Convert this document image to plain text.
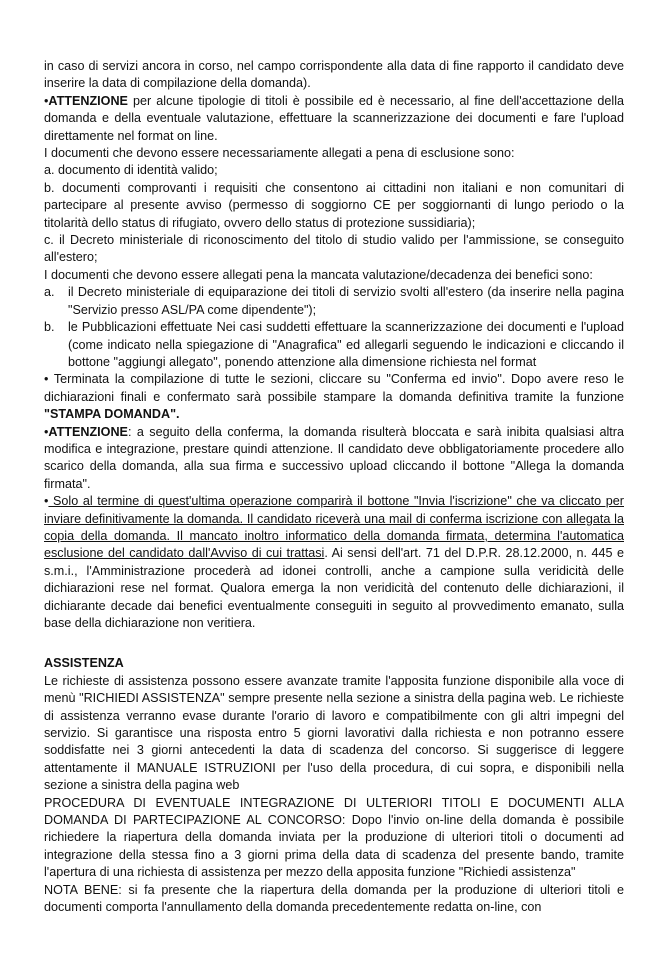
in caso di servizi ancora in corso, nel campo corrispondente alla data di fine rapporto il candidato deve inserire la data di compilazione della domanda).

•ATTENZIONE per alcune tipologie di titoli è possibile ed è necessario, al fine dell'accettazione della domanda e della eventuale valutazione, effettuare la scannerizzazione dei documenti e fare l'upload direttamente nel format on line.

I documenti che devono essere necessariamente allegati a pena di esclusione sono:

a. documento di identità valido;

b. documenti comprovanti i requisiti che consentono ai cittadini non italiani e non comunitari di partecipare al presente avviso (permesso di soggiorno CE per soggiornanti di lungo periodo o la titolarità dello status di rifugiato, ovvero dello status di protezione sussidiaria);

c. il Decreto ministeriale di riconoscimento del titolo di studio valido per l'ammissione, se conseguito all'estero;

I documenti che devono essere allegati pena la mancata valutazione/decadenza dei benefici sono:

a.	il Decreto ministeriale di equiparazione dei titoli di servizio svolti all'estero (da inserire nella pagina "Servizio presso ASL/PA come dipendente");
b.	le Pubblicazioni effettuate Nei casi suddetti effettuare la scannerizzazione dei documenti e l'upload (come indicato nella spiegazione di "Anagrafica" ed allegarli seguendo le indicazioni e cliccando il bottone "aggiungi allegato", ponendo attenzione alla dimensione richiesta nel format

• Terminata la compilazione di tutte le sezioni, cliccare su "Conferma ed invio". Dopo avere reso le dichiarazioni finali e confermato sarà possibile stampare la domanda definitiva tramite la funzione "STAMPA DOMANDA".

•ATTENZIONE: a seguito della conferma, la domanda risulterà bloccata e sarà inibita qualsiasi altra modifica e integrazione, prestare quindi attenzione. Il candidato deve obbligatoriamente procedere allo scarico della domanda, alla sua firma e successivo upload cliccando il bottone "Allega la domanda firmata".

• Solo al termine di quest'ultima operazione comparirà il bottone "Invia l'iscrizione" che va cliccato per inviare definitivamente la domanda. Il candidato riceverà una mail di conferma iscrizione con allegata la copia della domanda. Il mancato inoltro informatico della domanda firmata, determina l'automatica esclusione del candidato dall'Avviso di cui trattasi. Ai sensi dell'art. 71 del D.P.R. 28.12.2000, n. 445 e s.m.i., l'Amministrazione procederà ad idonei controlli, anche a campione sulla veridicità delle dichiarazioni rese nel format. Qualora emerga la non veridicità del contenuto delle dichiarazioni, il dichiarante decade dai benefici eventualmente conseguiti in seguito al provvedimento emanato, sulla base della dichiarazione non veritiera.

ASSISTENZA

Le richieste di assistenza possono essere avanzate tramite l'apposita funzione disponibile alla voce di menù "RICHIEDI ASSISTENZA" sempre presente nella sezione a sinistra della pagina web. Le richieste di assistenza verranno evase durante l'orario di lavoro e compatibilmente con gli altri impegni del servizio. Si garantisce una risposta entro 5 giorni lavorativi dalla richiesta e non potranno essere soddisfatte nei 3 giorni antecedenti la data di scadenza del concorso. Si suggerisce di leggere attentamente il MANUALE ISTRUZIONI per l'uso della procedura, di cui sopra, e disponibili nella sezione a sinistra della pagina web

PROCEDURA DI EVENTUALE INTEGRAZIONE DI ULTERIORI TITOLI E DOCUMENTI ALLA DOMANDA DI PARTECIPAZIONE AL CONCORSO: Dopo l'invio on-line della domanda è possibile richiedere la riapertura della domanda inviata per la produzione di ulteriori titoli o documenti ad integrazione della stessa fino a 3 giorni prima della data di scadenza del presente bando, tramite l'apertura di una richiesta di assistenza per mezzo della apposita funzione "Richiedi assistenza"

NOTA BENE: si fa presente che la riapertura della domanda per la produzione di ulteriori titoli e documenti comporta l'annullamento della domanda precedentemente redatta on-line, con
